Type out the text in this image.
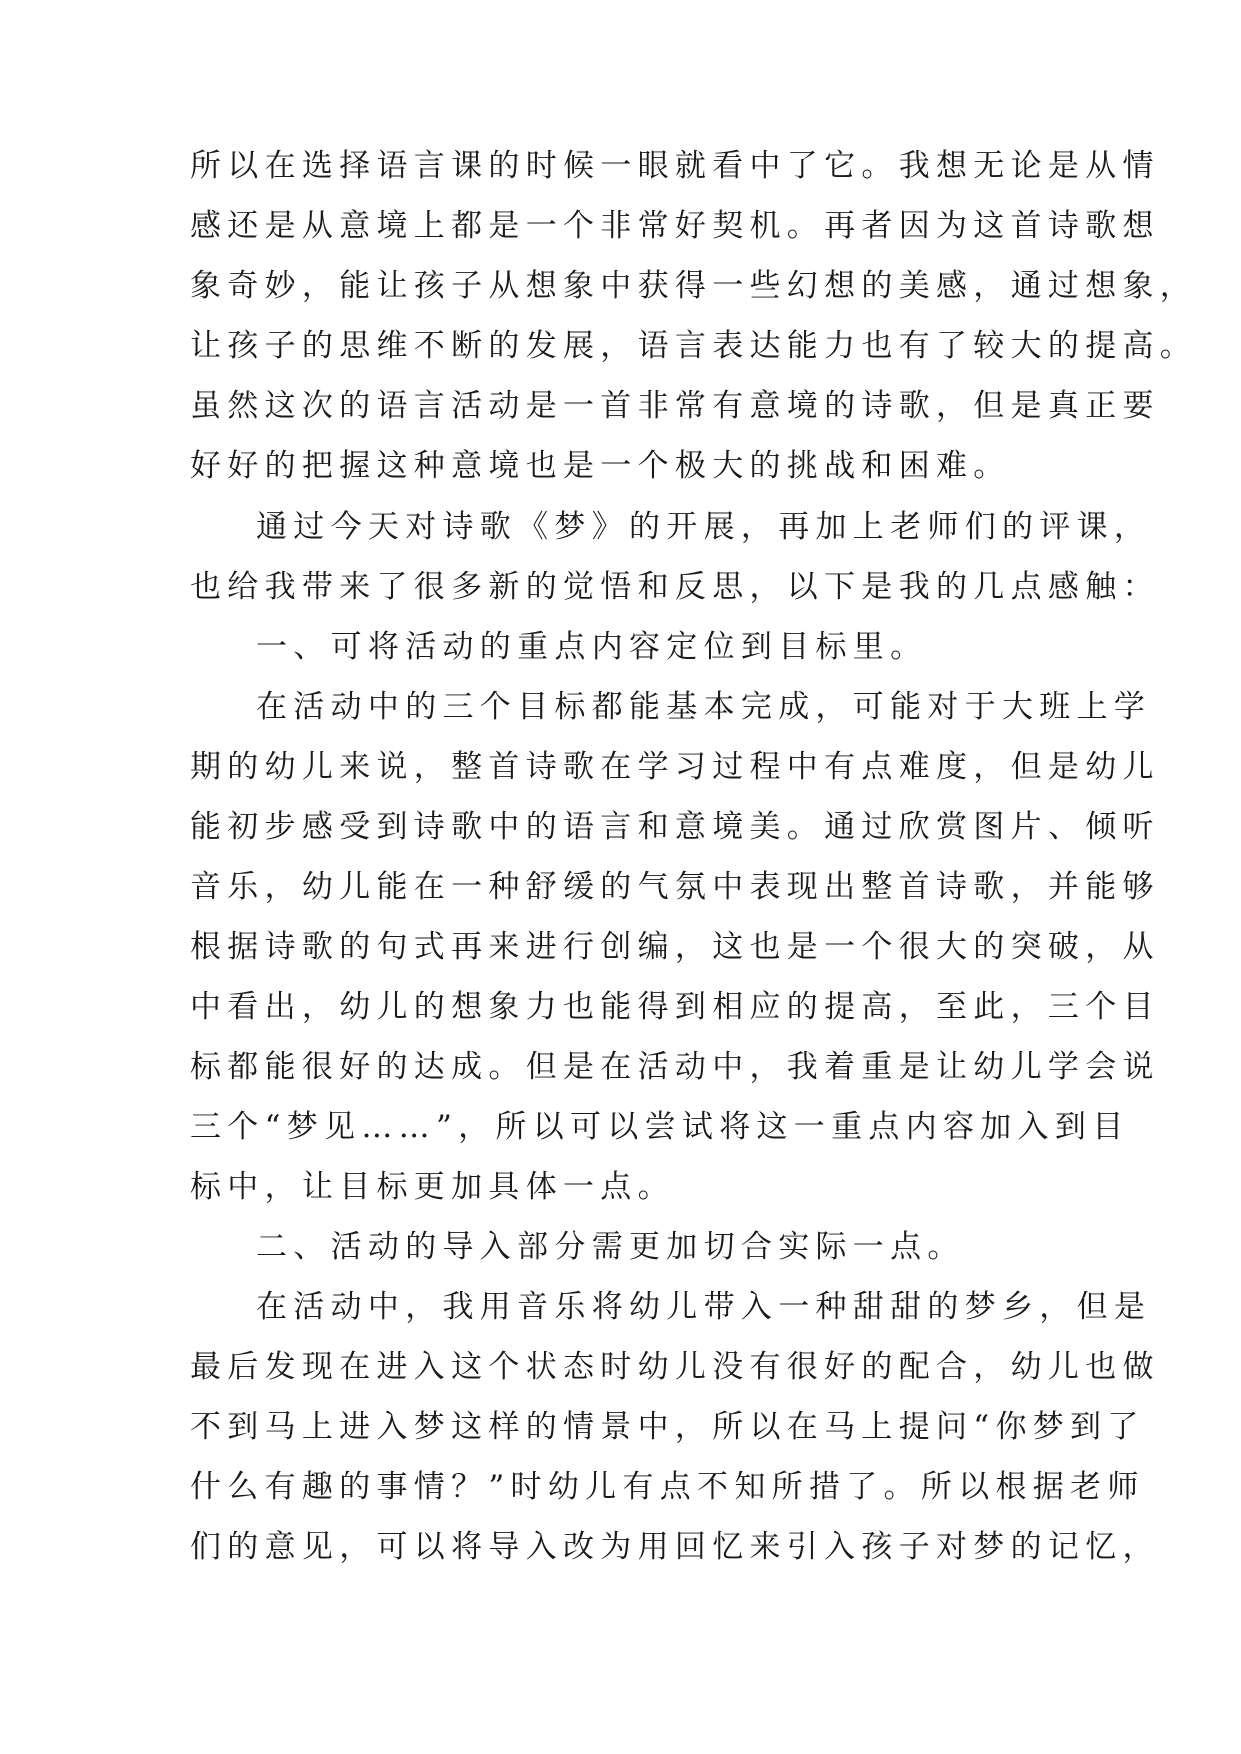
所以在选择语言课的时候一眼就看中了它。我想无论是从情
感还是从意境上都是一个非常好契机。再者因为这首诗歌想
象奇妙，能让孩子从想象中获得一些幻想的美感，通过想象，
让孩子的思维不断的发展，语言表达能力也有了较大的提高。
虽然这次的语言活动是一首非常有意境的诗歌，但是真正要
好好的把握这种意境也是一个极大的挑战和困难。
通过今天对诗歌《梦》的开展，再加上老师们的评课，
也给我带来了很多新的觉悟和反思，以下是我的几点感触：
一、可将活动的重点内容定位到目标里。
在活动中的三个目标都能基本完成，可能对于大班上学
期的幼儿来说，整首诗歌在学习过程中有点难度，但是幼儿
能初步感受到诗歌中的语言和意境美。通过欣赏图片、倾听
音乐，幼儿能在一种舒缓的气氛中表现出整首诗歌，并能够
根据诗歌的句式再来进行创编，这也是一个很大的突破，从
中看出，幼儿的想象力也能得到相应的提高，至此，三个目
标都能很好的达成。但是在活动中，我着重是让幼儿学会说
三个“梦见……”，所以可以尝试将这一重点内容加入到目
标中，让目标更加具体一点。
二、活动的导入部分需更加切合实际一点。
在活动中，我用音乐将幼儿带入一种甜甜的梦乡，但是
最后发现在进入这个状态时幼儿没有很好的配合，幼儿也做
不到马上进入梦这样的情景中，所以在马上提问“你梦到了
什么有趣的事情？”时幼儿有点不知所措了。所以根据老师
们的意见，可以将导入改为用回忆来引入孩子对梦的记忆，
